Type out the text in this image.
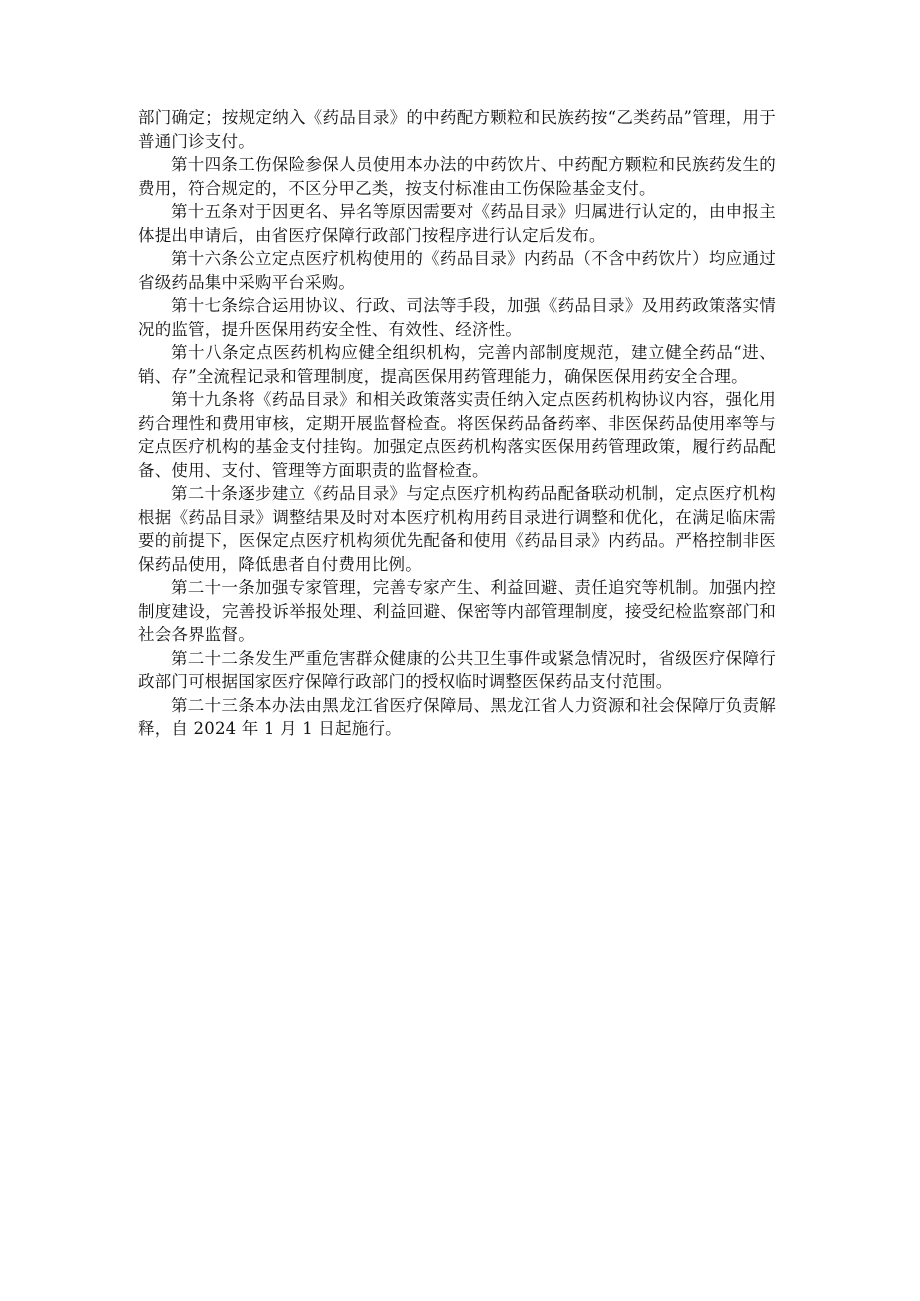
部门确定；按规定纳入《药品目录》的中药配方颗粒和民族药按“乙类药品”管理，用于普通门诊支付。

第十四条工伤保险参保人员使用本办法的中药饮片、中药配方颗粒和民族药发生的费用，符合规定的，不区分甲乙类，按支付标准由工伤保险基金支付。

第十五条对于因更名、异名等原因需要对《药品目录》归属进行认定的，由申报主体提出申请后，由省医疗保障行政部门按程序进行认定后发布。

第十六条公立定点医疗机构使用的《药品目录》内药品（不含中药饮片）均应通过省级药品集中采购平台采购。

第十七条综合运用协议、行政、司法等手段，加强《药品目录》及用药政策落实情况的监管，提升医保用药安全性、有效性、经济性。

第十八条定点医药机构应健全组织机构，完善内部制度规范，建立健全药品“进、销、存”全流程记录和管理制度，提高医保用药管理能力，确保医保用药安全合理。

第十九条将《药品目录》和相关政策落实责任纳入定点医药机构协议内容，强化用药合理性和费用审核，定期开展监督检查。将医保药品备药率、非医保药品使用率等与定点医疗机构的基金支付挂钩。加强定点医药机构落实医保用药管理政策，履行药品配备、使用、支付、管理等方面职责的监督检查。

第二十条逐步建立《药品目录》与定点医疗机构药品配备联动机制，定点医疗机构根据《药品目录》调整结果及时对本医疗机构用药目录进行调整和优化，在满足临床需要的前提下，医保定点医疗机构须优先配备和使用《药品目录》内药品。严格控制非医保药品使用，降低患者自付费用比例。

第二十一条加强专家管理，完善专家产生、利益回避、责任追究等机制。加强内控制度建设，完善投诉举报处理、利益回避、保密等内部管理制度，接受纪检监察部门和社会各界监督。

第二十二条发生严重危害群众健康的公共卫生事件或紧急情况时，省级医疗保障行政部门可根据国家医疗保障行政部门的授权临时调整医保药品支付范围。

第二十三条本办法由黑龙江省医疗保障局、黑龙江省人力资源和社会保障厅负责解释，自 2024 年 1 月 1 日起施行。
